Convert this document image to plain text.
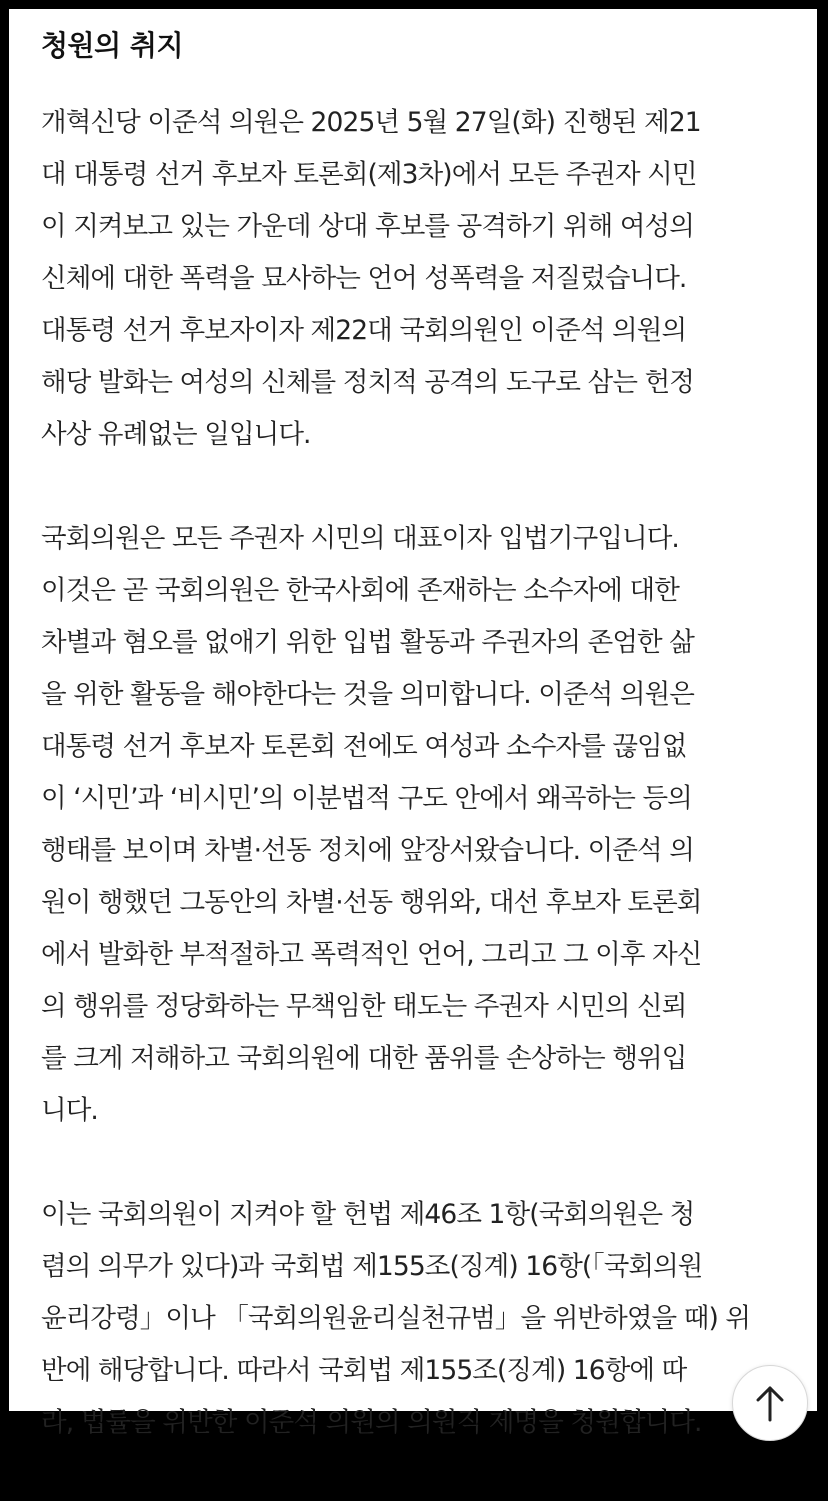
청원의 취지

개혁신당 이준석 의원은 2025년 5월 27일(화) 진행된 제21
대 대통령 선거 후보자 토론회(제3차)에서 모든 주권자 시민
이 지켜보고 있는 가운데 상대 후보를 공격하기 위해 여성의
신체에 대한 폭력을 묘사하는 언어 성폭력을 저질렀습니다.
대통령 선거 후보자이자 제22대 국회의원인 이준석 의원의
해당 발화는 여성의 신체를 정치적 공격의 도구로 삼는 헌정
사상 유례없는 일입니다.

국회의원은 모든 주권자 시민의 대표이자 입법기구입니다.
이것은 곧 국회의원은 한국사회에 존재하는 소수자에 대한
차별과 혐오를 없애기 위한 입법 활동과 주권자의 존엄한 삶
을 위한 활동을 해야한다는 것을 의미합니다. 이준석 의원은
대통령 선거 후보자 토론회 전에도 여성과 소수자를 끊임없
이 ‘시민’과 ‘비시민’의 이분법적 구도 안에서 왜곡하는 등의
행태를 보이며 차별·선동 정치에 앞장서왔습니다. 이준석 의
원이 행했던 그동안의 차별·선동 행위와, 대선 후보자 토론회
에서 발화한 부적절하고 폭력적인 언어, 그리고 그 이후 자신
의 행위를 정당화하는 무책임한 태도는 주권자 시민의 신뢰
를 크게 저해하고 국회의원에 대한 품위를 손상하는 행위입
니다.

이는 국회의원이 지켜야 할 헌법 제46조 1항(국회의원은 청
렴의 의무가 있다)과 국회법 제155조(징계) 16항(「국회의원
윤리강령」이나 「국회의원윤리실천규범」을 위반하였을 때) 위
반에 해당합니다. 따라서 국회법 제155조(징계) 16항에 따
라, 법률을 위반한 이준석 의원의 의원직 제명을 청원합니다.
